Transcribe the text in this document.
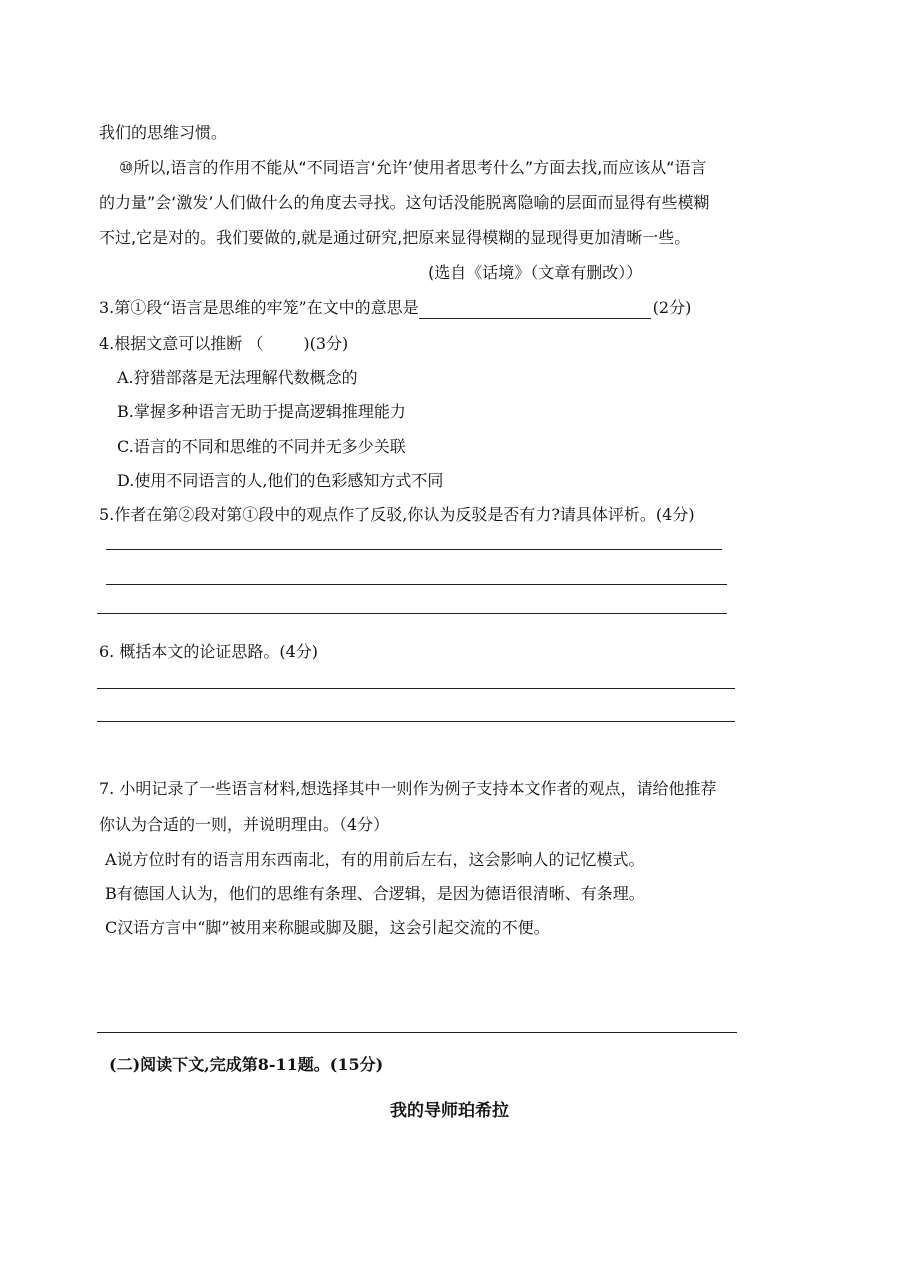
我们的思维习惯。
⑩所以,语言的作用不能从“不同语言‘允许’使用者思考什么”方面去找,而应该从“语言
的力量”会‘激发’人们做什么的角度去寻找。这句话没能脱离隐喻的层面而显得有些模糊
不过,它是对的。我们要做的,就是通过研究,把原来显得模糊的显现得更加清晰一些。
(选自《话境》（文章有删改））
3.第①段“语言是思维的牢笼”在文中的意思是	(2分)
4.根据文意可以推断 （	)(3分)
A.狩猎部落是无法理解代数概念的
B.掌握多种语言无助于提高逻辑推理能力
C.语言的不同和思维的不同并无多少关联
D.使用不同语言的人,他们的色彩感知方式不同
5.作者在第②段对第①段中的观点作了反驳,你认为反驳是否有力?请具体评析。(4分)
6. 概括本文的论证思路。(4分)
7. 小明记录了一些语言材料,想选择其中一则作为例子支持本文作者的观点，请给他推荐
你认为合适的一则，并说明理由。（4分）
A说方位时有的语言用东西南北，有的用前后左右，这会影响人的记忆模式。
B有德国人认为，他们的思维有条理、合逻辑，是因为德语很清晰、有条理。
C汉语方言中“脚”被用来称腿或脚及腿，这会引起交流的不便。
(二)阅读下文,完成第8-11题。(15分)
我的导师珀希拉
